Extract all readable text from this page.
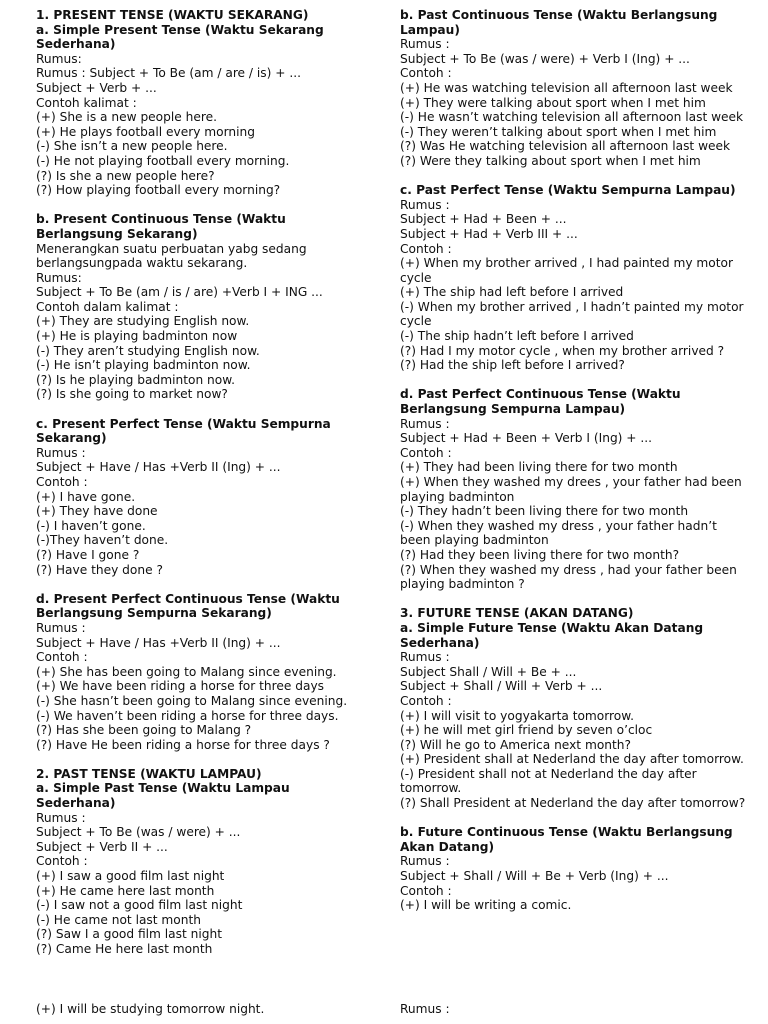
1. PRESENT TENSE (WAKTU SEKARANG)
a. Simple Present Tense (Waktu Sekarang Sederhana)
Rumus:
Rumus : Subject + To Be (am / are / is) + ...
Subject + Verb + ...
Contoh kalimat :
(+) She is a new people here.
(+) He plays football every morning
(-) She isn’t a new people here.
(-) He not playing football every morning.
(?) Is she a new people here?
(?) How playing football every morning?
b. Present Continuous Tense (Waktu Berlangsung Sekarang)
Menerangkan suatu perbuatan yabg sedang berlangsungpada waktu sekarang.
Rumus:
Subject + To Be (am / is / are) +Verb I + ING ...
Contoh dalam kalimat :
(+) They are studying English now.
(+) He is playing badminton now
(-) They aren’t studying English now.
(-) He isn’t playing badminton now.
(?) Is he playing badminton now.
(?) Is she going to market now?
c. Present Perfect Tense (Waktu Sempurna Sekarang)
Rumus :
Subject + Have / Has +Verb II (Ing) + ...
Contoh :
(+) I have gone.
(+) They have done
(-) I haven’t gone.
(-)They haven’t done.
(?) Have I gone ?
(?) Have they done ?
d. Present Perfect Continuous Tense (Waktu Berlangsung Sempurna Sekarang)
Rumus :
Subject + Have / Has +Verb II (Ing) + ...
Contoh :
(+) She has been going to Malang since evening.
(+) We have been riding a horse for three days
(-) She hasn’t been going to Malang since evening.
(-) We haven’t been riding a horse for three days.
(?) Has she been going to Malang ?
(?) Have He been riding a horse for three days ?
2. PAST TENSE (WAKTU LAMPAU)
a. Simple Past Tense (Waktu Lampau Sederhana)
Rumus :
Subject + To Be (was / were) + ...
Subject + Verb II + ...
Contoh :
(+) I saw a good film last night
(+) He came here last month
(-) I saw not a good film last night
(-) He came not last month
(?) Saw I a good film last night
(?) Came He here last month
b. Past Continuous Tense (Waktu Berlangsung Lampau)
Rumus :
Subject + To Be (was / were) + Verb I (Ing) + ...
Contoh :
(+) He was watching television all afternoon last week
(+) They were talking about sport when I met him
(-) He wasn’t watching television all afternoon last week
(-) They weren’t talking about sport when I met him
(?) Was He watching television all afternoon last week
(?) Were they talking about sport when I met him
c. Past Perfect Tense (Waktu Sempurna Lampau)
Rumus :
Subject + Had + Been + ...
Subject + Had + Verb III + ...
Contoh :
(+) When my brother arrived , I had painted my motor cycle
(+) The ship had left before I arrived
(-) When my brother arrived , I hadn’t painted my motor cycle
(-) The ship hadn’t left before I arrived
(?) Had I my motor cycle , when my brother arrived ?
(?) Had the ship left before I arrived?
d. Past Perfect Continuous Tense (Waktu Berlangsung Sempurna Lampau)
Rumus :
Subject + Had + Been + Verb I (Ing) + ...
Contoh :
(+) They had been living there for two month
(+) When they washed my drees , your father had been playing badminton
(-) They hadn’t been living there for two month
(-) When they washed my dress , your father hadn’t been playing badminton
(?) Had they been living there for two month?
(?) When they washed my dress , had your father been playing badminton ?
3. FUTURE TENSE (AKAN DATANG)
a. Simple Future Tense (Waktu Akan Datang Sederhana)
Rumus :
Subject Shall / Will + Be + ...
Subject + Shall / Will + Verb + ...
Contoh :
(+) I will visit to yogyakarta tomorrow.
(+) he will met girl friend by seven o’cloc
(?) Will he go to America next month?
(+) President shall at Nederland the day after tomorrow.
(-) President shall not at Nederland the day after tomorrow.
(?) Shall President at Nederland the day after tomorrow?
b. Future Continuous Tense (Waktu Berlangsung Akan Datang)
Rumus :
Subject + Shall / Will + Be + Verb (Ing) + ...
Contoh :
(+) I will be writing a comic.
(+) I will be studying tomorrow night.	Rumus :
